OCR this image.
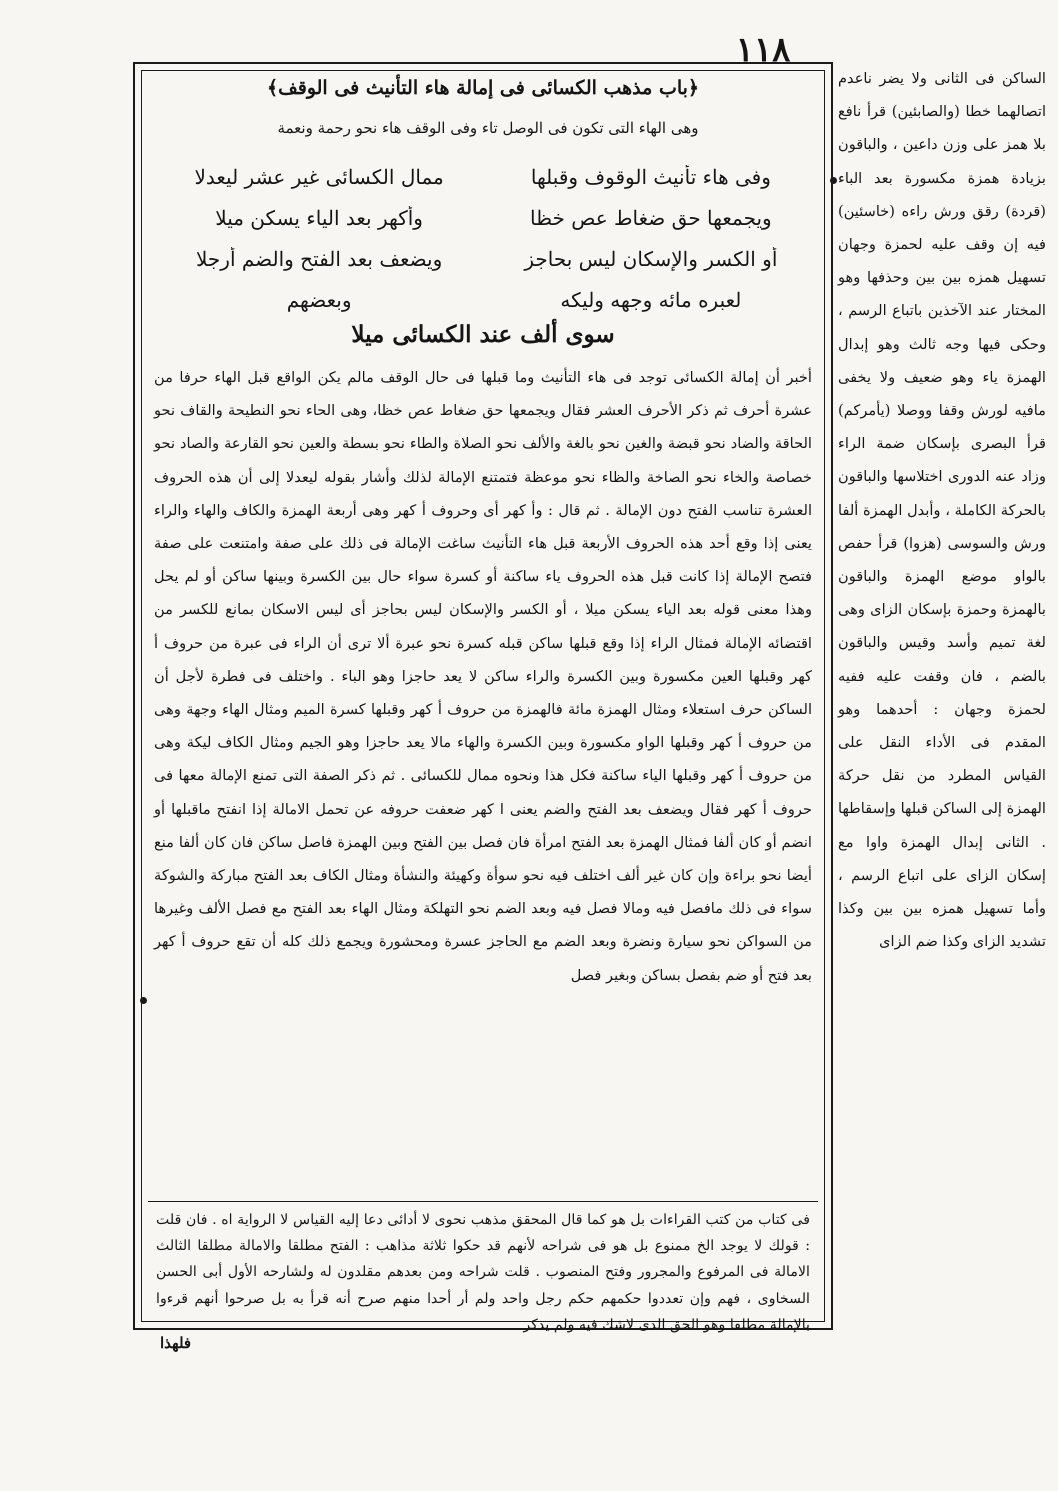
١١٨
﴿باب مذهب الكسائى فى إمالة هاء التأنيث فى الوقف﴾
وهى الهاء التى تكون فى الوصل تاء وفى الوقف هاء نحو رحمة ونعمة
وفى هاء تأنيث الوقوف وقبلها
ممال الكسائى غير عشر ليعدلا
ويجمعها حق ضغاط عص خظا
وأكهر بعد الياء يسكن ميلا
أو الكسر والإسكان ليس بحاجز
ويضعف بعد الفتح والضم أرجلا
لعبره مائه وجهه وليكه
وبعضهم
سوى ألف عند الكسائى ميلا

أخبر أن إمالة الكسائى توجد فى هاء التأنيث وما قبلها فى حال الوقف مالم يكن الواقع قبل الهاء حرفا من عشرة أحرف ثم ذكر الأحرف العشر فقال ويجمعها حق ضغاط عص خظا، وهى الحاء نحو النطيحة والقاف نحو الحاقة والضاد نحو قبضة والغين نحو بالغة والألف نحو الصلاة والطاء نحو بسطة والعين نحو القارعة والصاد نحو خصاصة والخاء نحو الصاخة والظاء نحو موعظة فتمتنع الإمالة لذلك وأشار بقوله ليعدلا إلى أن هذه الحروف العشرة تناسب الفتح دون الإمالة . ثم قال : وأ كهر أى وحروف أ كهر وهى أربعة الهمزة والكاف والهاء والراء يعنى إذا وقع أحد هذه الحروف الأربعة قبل هاء التأنيث ساغت الإمالة فى ذلك على صفة وامتنعت على صفة فتصح الإمالة إذا كانت قبل هذه الحروف ياء ساكنة أو كسرة سواء حال بين الكسرة وبينها ساكن أو لم يحل وهذا معنى قوله بعد الياء يسكن ميلا ، أو الكسر والإسكان ليس بحاجز أى ليس الاسكان بمانع للكسر من اقتضائه الإمالة فمثال الراء إذا وقع قبلها ساكن قبله كسرة نحو عبرة ألا ترى أن الراء فى عبرة من حروف أ كهر وقبلها العين مكسورة وبين الكسرة والراء ساكن لا يعد حاجزا وهو الباء . واختلف فى فطرة لأجل أن الساكن حرف استعلاء ومثال الهمزة مائة فالهمزة من حروف أ كهر وقبلها كسرة الميم ومثال الهاء وجهة وهى من حروف أ كهر وقبلها الواو مكسورة وبين الكسرة والهاء مالا يعد حاجزا وهو الجيم ومثال الكاف ليكة وهى من حروف أ كهر وقبلها الياء ساكنة فكل هذا ونحوه ممال للكسائى . ثم ذكر الصفة التى تمنع الإمالة معها فى حروف أ كهر فقال ويضعف بعد الفتح والضم يعنى ا كهر ضعفت حروفه عن تحمل الامالة إذا انفتح ماقبلها أو انضم أو كان ألفا فمثال الهمزة بعد الفتح امرأة فان فصل بين الفتح وبين الهمزة فاصل ساكن فان كان ألفا منع أيضا نحو براءة وإن كان غير ألف اختلف فيه نحو سوأة وكهيئة والنشأة ومثال الكاف بعد الفتح مباركة والشوكة سواء فى ذلك مافصل فيه ومالا فصل فيه وبعد الضم نحو التهلكة ومثال الهاء بعد الفتح مع فصل الألف وغيرها من السواكن نحو سيارة ونضرة وبعد الضم مع الحاجز عسرة ومحشورة ويجمع ذلك كله أن تقع حروف أ كهر بعد فتح أو ضم بفصل بساكن وبغير فصل

فى كتاب من كتب القراءات بل هو كما قال المحقق مذهب نحوى لا أدائى دعا إليه القياس لا الرواية اه . فان قلت : قولك لا يوجد الخ ممنوع بل هو فى شراحه لأنهم قد حكوا ثلاثة مذاهب : الفتح مطلقا والامالة مطلقا الثالث الامالة فى المرفوع والمجرور وفتح المنصوب . قلت شراحه ومن بعدهم مقلدون له ولشارحه الأول أبى الحسن السخاوى ، فهم وإن تعددوا حكمهم حكم رجل واحد ولم أر أحدا منهم صرح أنه قرأ به بل صرحوا أنهم قرءوا بالإمالة مطلقا وهو الحق الذى لاشك فيه ولم يذكر
فلهذا

الساكن فى الثانى ولا يضر ناعدم اتصالهما خطا (والصابئين) قرأ نافع بلا همز على وزن داعين ، والباقون بزيادة همزة مكسورة بعد الباء (قردة) رقق ورش راءه (خاسئين) فيه إن وقف عليه لحمزة وجهان تسهيل همزه بين بين وحذفها وهو المختار عند الآخذين باتباع الرسم ، وحكى فيها وجه ثالث وهو إبدال الهمزة ياء وهو ضعيف ولا يخفى مافيه لورش وقفا ووصلا (يأمركم) قرأ البصرى بإسكان ضمة الراء وزاد عنه الدورى اختلاسها والباقون بالحركة الكاملة ، وأبدل الهمزة ألفا ورش والسوسى (هزوا) قرأ حفص بالواو موضع الهمزة والباقون بالهمزة وحمزة بإسكان الزاى وهى لغة تميم وأسد وقيس والباقون بالضم ، فان وقفت عليه ففيه لحمزة وجهان : أحدهما وهو المقدم فى الأداء النقل على القياس المطرد من نقل حركة الهمزة إلى الساكن قبلها وإسقاطها . الثانى إبدال الهمزة واوا مع إسكان الزاى على اتباع الرسم ، وأما تسهيل همزه بين بين وكذا تشديد الزاى وكذا ضم الزاى
